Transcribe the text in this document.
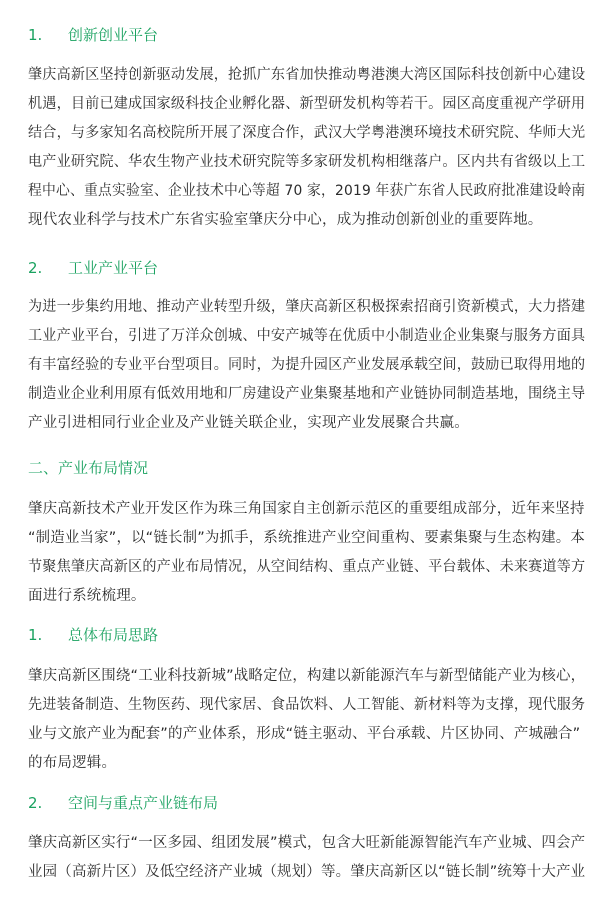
1. 创新创业平台
肇庆高新区坚持创新驱动发展，抢抓广东省加快推动粤港澳大湾区国际科技创新中心建设
机遇，目前已建成国家级科技企业孵化器、新型研发机构等若干。园区高度重视产学研用
结合，与多家知名高校院所开展了深度合作，武汉大学粤港澳环境技术研究院、华师大光
电产业研究院、华农生物产业技术研究院等多家研发机构相继落户。区内共有省级以上工
程中心、重点实验室、企业技术中心等超 70 家，2019 年获广东省人民政府批准建设岭南
现代农业科学与技术广东省实验室肇庆分中心，成为推动创新创业的重要阵地。
2. 工业产业平台
为进一步集约用地、推动产业转型升级，肇庆高新区积极探索招商引资新模式，大力搭建
工业产业平台，引进了万洋众创城、中安产城等在优质中小制造业企业集聚与服务方面具
有丰富经验的专业平台型项目。同时，为提升园区产业发展承载空间，鼓励已取得用地的
制造业企业利用原有低效用地和厂房建设产业集聚基地和产业链协同制造基地，围绕主导
产业引进相同行业企业及产业链关联企业，实现产业发展聚合共赢。
二、产业布局情况
肇庆高新技术产业开发区作为珠三角国家自主创新示范区的重要组成部分，近年来坚持
“制造业当家”，以“链长制”为抓手，系统推进产业空间重构、要素集聚与生态构建。本
节聚焦肇庆高新区的产业布局情况，从空间结构、重点产业链、平台载体、未来赛道等方
面进行系统梳理。
1. 总体布局思路
肇庆高新区围绕“工业科技新城”战略定位，构建以新能源汽车与新型储能产业为核心，
先进装备制造、生物医药、现代家居、食品饮料、人工智能、新材料等为支撑，现代服务
业与文旅产业为配套”的产业体系，形成“链主驱动、平台承载、片区协同、产城融合”
的布局逻辑。
2. 空间与重点产业链布局
肇庆高新区实行“一区多园、组团发展”模式，包含大旺新能源智能汽车产业城、四会产
业园（高新片区）及低空经济产业城（规划）等。肇庆高新区以“链长制”统筹十大产业
